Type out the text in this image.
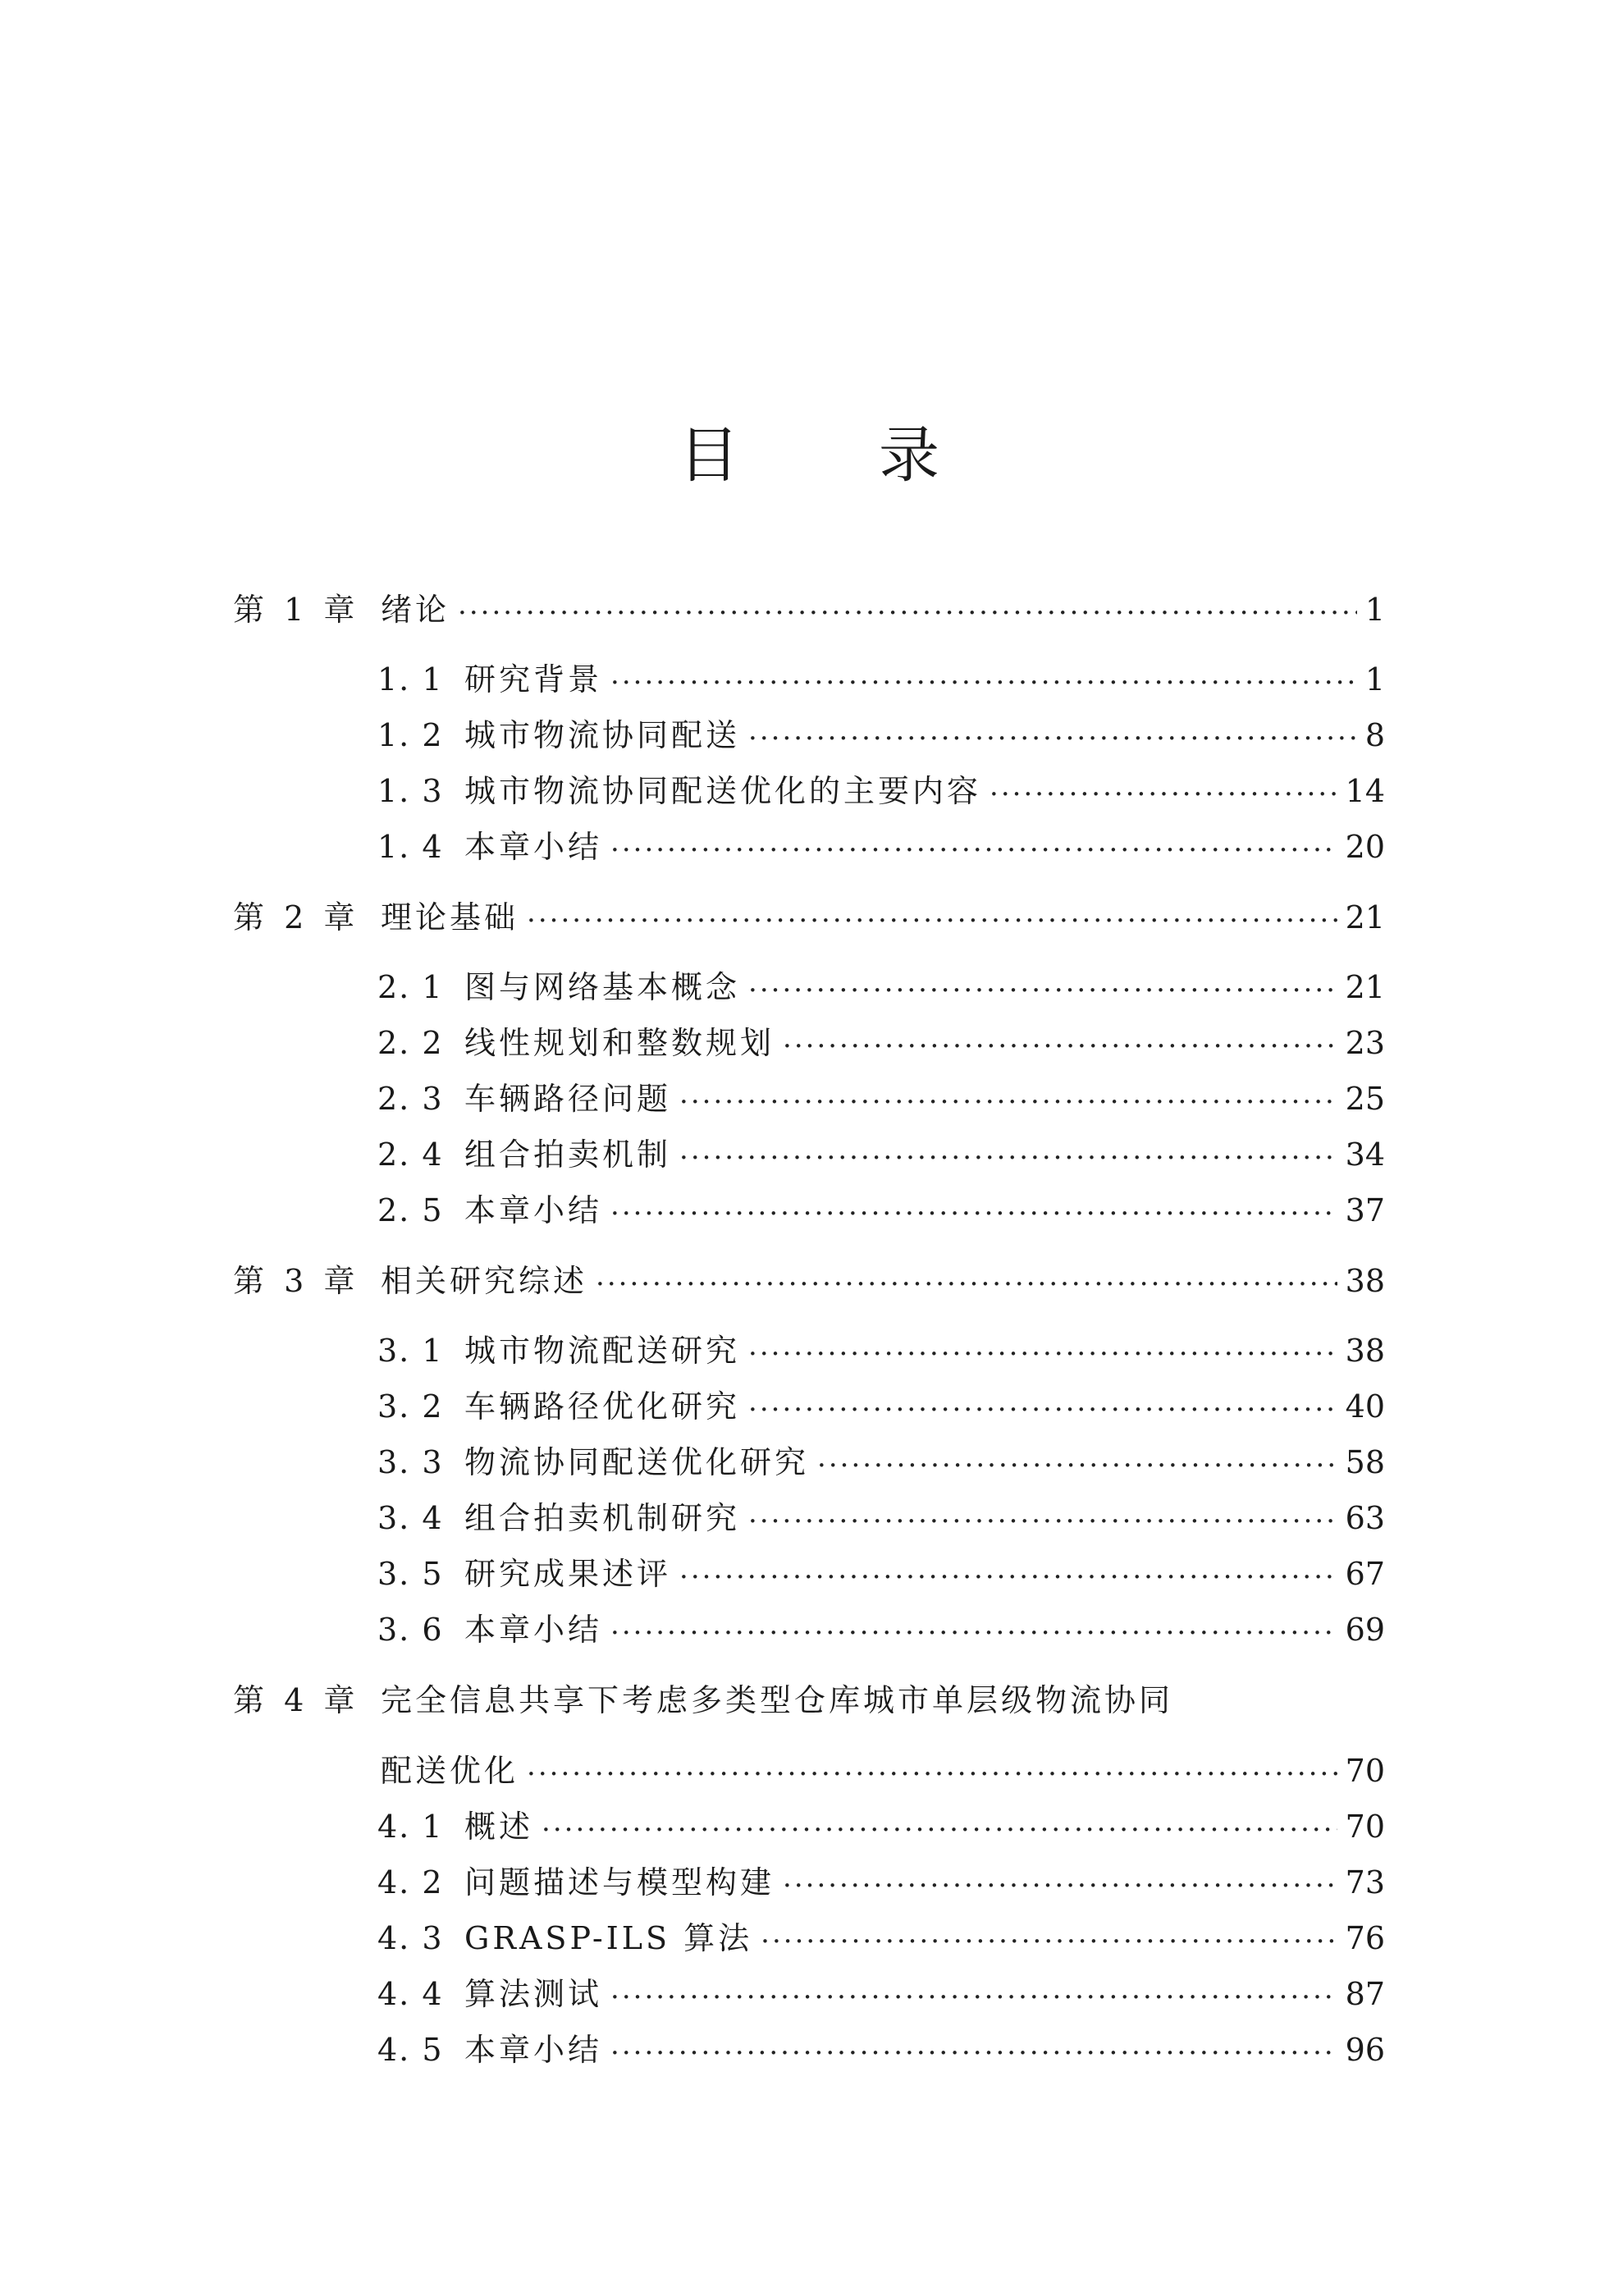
目 录
第 1 章 绪论 ·····	1
1. 1 研究背景 ·····	1
1. 2 城市物流协同配送 ·····	8
1. 3 城市物流协同配送优化的主要内容 ·····	14
1. 4 本章小结 ·····	20
第 2 章 理论基础 ·····	21
2. 1 图与网络基本概念 ·····	21
2. 2 线性规划和整数规划 ·····	23
2. 3 车辆路径问题 ·····	25
2. 4 组合拍卖机制 ·····	34
2. 5 本章小结 ·····	37
第 3 章 相关研究综述 ·····	38
3. 1 城市物流配送研究 ·····	38
3. 2 车辆路径优化研究 ·····	40
3. 3 物流协同配送优化研究 ·····	58
3. 4 组合拍卖机制研究 ·····	63
3. 5 研究成果述评 ·····	67
3. 6 本章小结 ·····	69
第 4 章 完全信息共享下考虑多类型仓库城市单层级物流协同
配送优化 ·····	70
4. 1 概述 ·····	70
4. 2 问题描述与模型构建 ·····	73
4. 3 GRASP-ILS 算法 ·····	76
4. 4 算法测试 ·····	87
4. 5 本章小结 ·····	96
